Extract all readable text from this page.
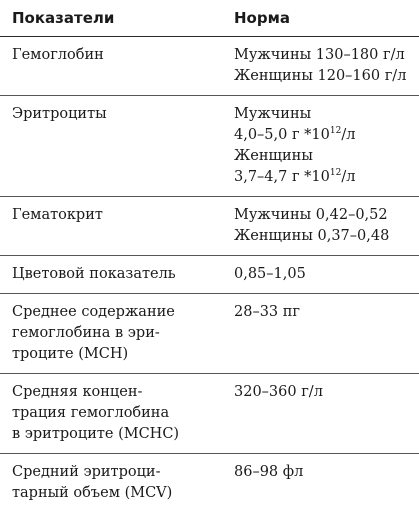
Показатели	Норма

Гемоглобин	Мужчины 130–180 г/л
Женщины 120–160 г/л

Эритроциты	Мужчины
4,0–5,0 г $*10^{12}/л$
Женщины
3,7–4,7 г $*10^{12}/л$

Гематокрит	Мужчины 0,42–0,52
Женщины 0,37–0,48

Цветовой показатель	0,85–1,05

Среднее содержание
гемоглобина в эри-
троците (MCH)	28–33 пг

Средняя концен-
трация гемоглобина
в эритроците (MCHC)	320–360 г/л

Средний эритроци-
тарный объем (MCV)	86–98 фл
